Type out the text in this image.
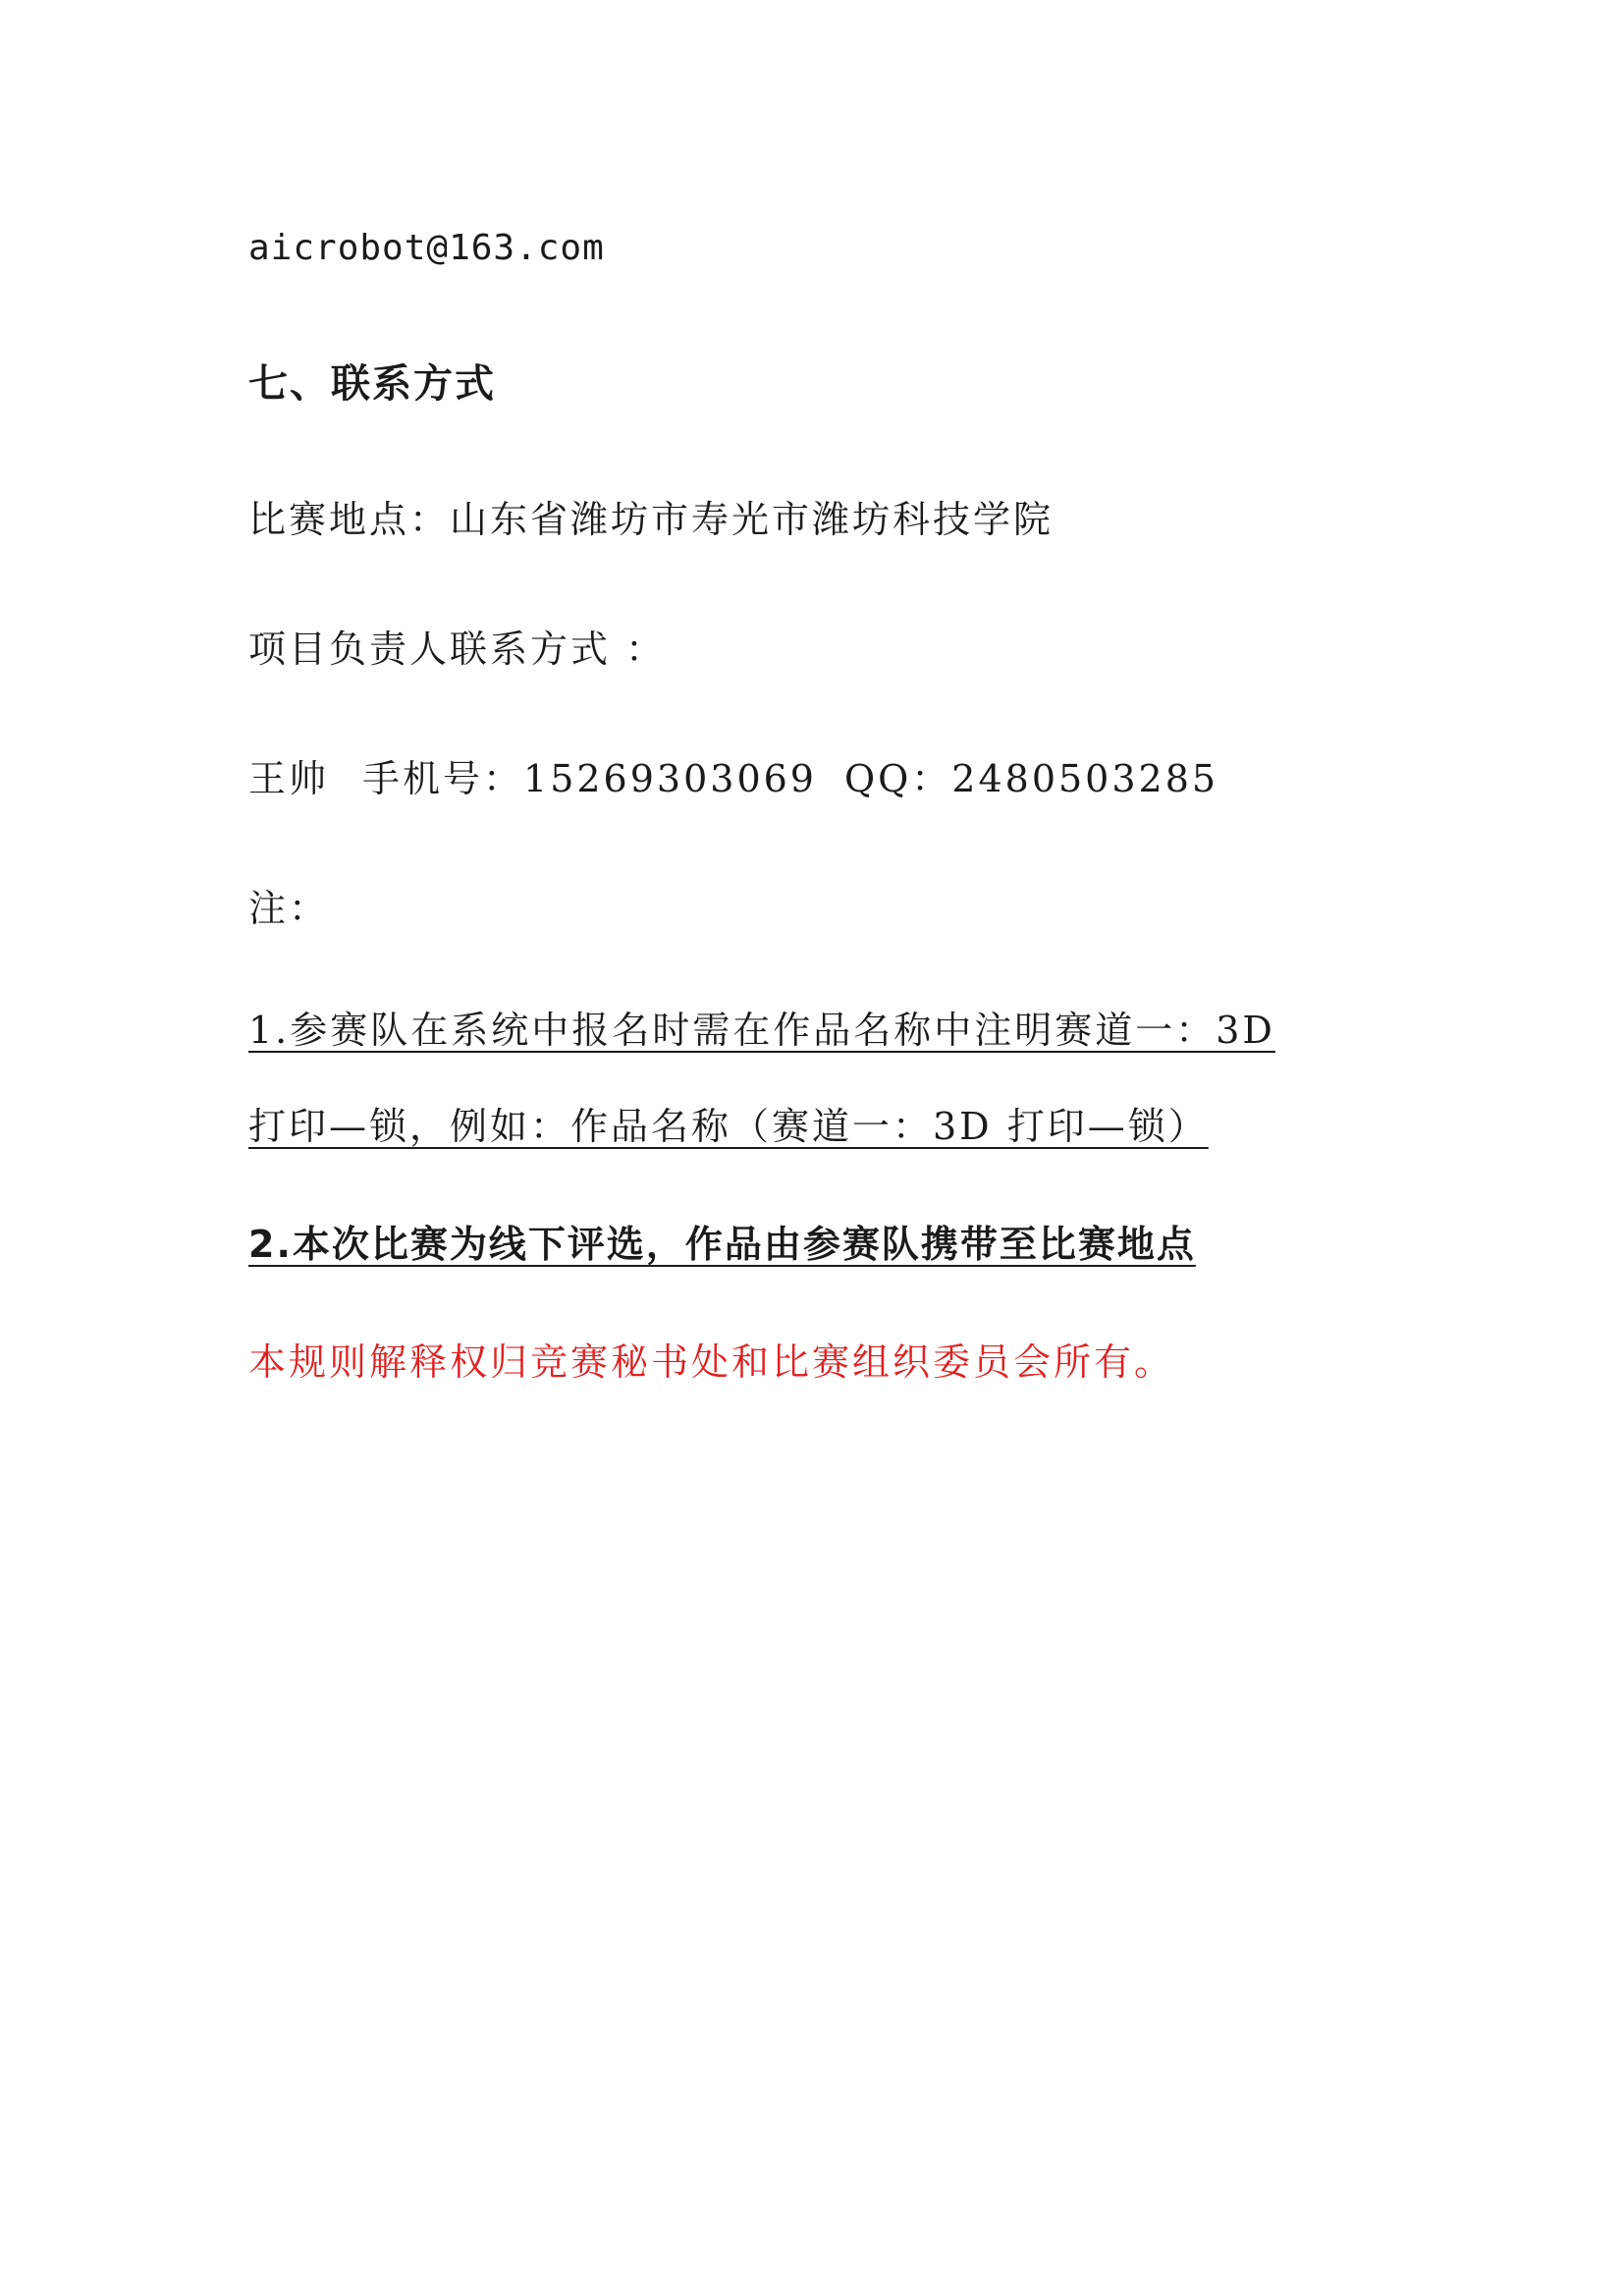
aicrobot@163.com
七、联系方式
比赛地点：山东省潍坊市寿光市潍坊科技学院
项目负责人联系方式 ：
王帅 手机号：15269303069 QQ：2480503285
注：
1.参赛队在系统中报名时需在作品名称中注明赛道一：3D
打印—锁，例如：作品名称（赛道一：3D 打印—锁）
2.本次比赛为线下评选，作品由参赛队携带至比赛地点
本规则解释权归竞赛秘书处和比赛组织委员会所有。
